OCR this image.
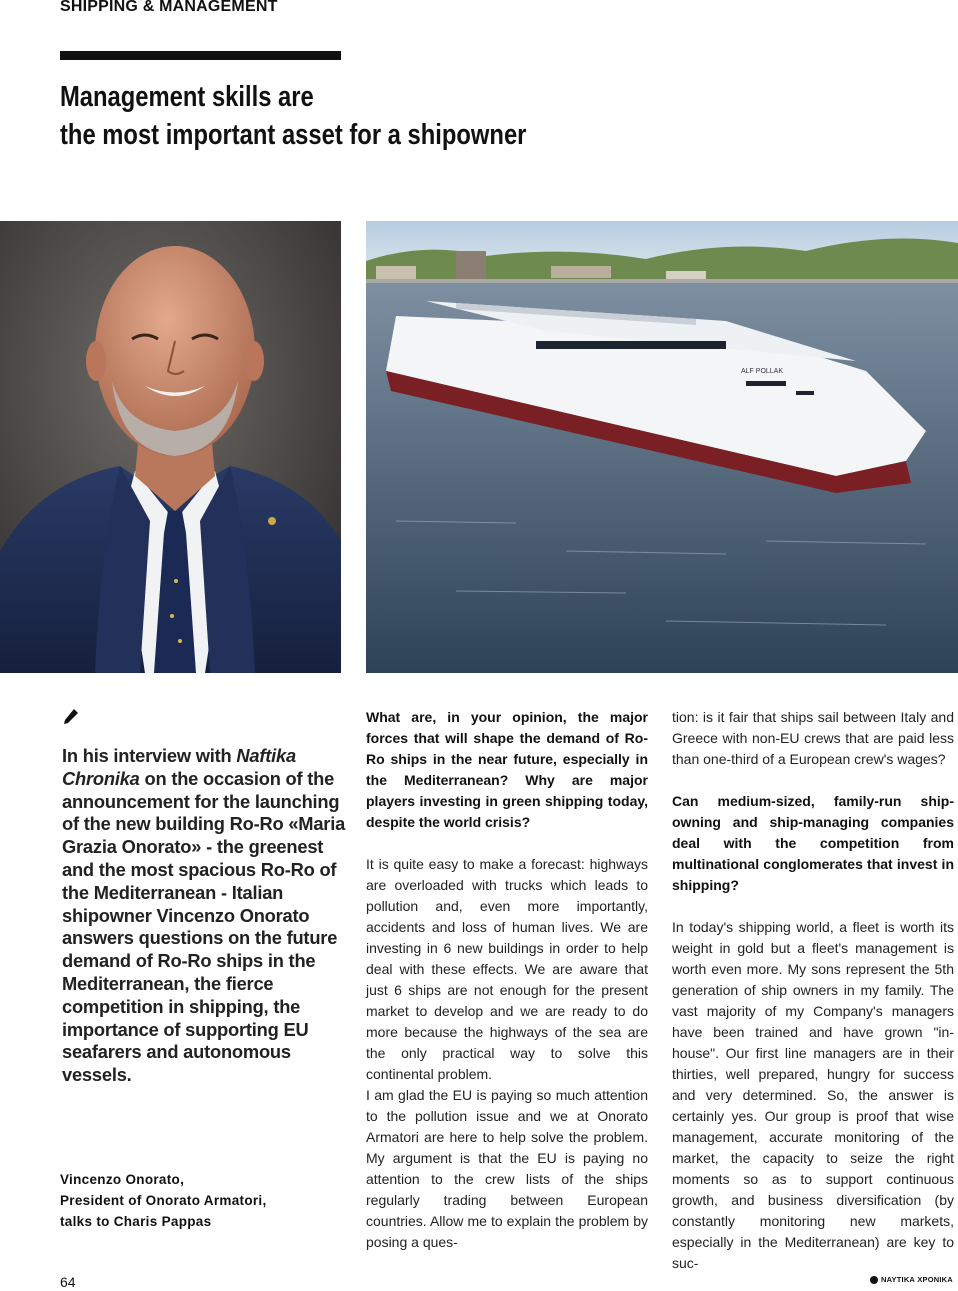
SHIPPING & MANAGEMENT
Management skills are
the most important asset for a shipowner
ALF POLLAK
In his interview with Naftika Chronika on the occasion of the announcement for the launching of the new building Ro-Ro «Maria Grazia Onorato» - the greenest and the most spacious Ro-Ro of the Mediterranean - Italian shipowner Vincenzo Onorato answers questions on the future demand of Ro-Ro ships in the Mediterranean, the fierce competition in shipping, the importance of supporting EU seafarers and autonomous vessels.
Vincenzo Onorato,
President of Onorato Armatori,
talks to Charis Pappas

What are, in your opinion, the major forces that will shape the demand of Ro- Ro ships in the near future, especially in the Mediterranean? Why are major players investing in green shipping today, despite the world crisis?

It is quite easy to make a forecast: highways are overloaded with trucks which leads to pollution and, even more importantly, accidents and loss of human lives. We are investing in 6 new buildings in order to help deal with these effects. We are aware that just 6 ships are not enough for the present market to develop and we are ready to do more because the highways of the sea are the only practical way to solve this continental problem.

I am glad the EU is paying so much attention to the pollution issue and we at Onorato Armatori are here to help solve the problem. My argument is that the EU is paying no attention to the crew lists of the ships regularly trading between European countries. Allow me to explain the problem by posing a ques-

tion: is it fair that ships sail between Italy and Greece with non-EU crews that are paid less than one-third of a European crew's wages?

Can medium-sized, family-run ship- owning and ship-managing companies deal with the competition from multinational conglomerates that invest in shipping?

In today's shipping world, a fleet is worth its weight in gold but a fleet's management is worth even more. My sons represent the 5th generation of ship owners in my family. The vast majority of my Company's managers have been trained and have grown "in-house". Our first line managers are in their thirties, well prepared, hungry for success and very determined. So, the answer is certainly yes. Our group is proof that wise management, accurate monitoring of the market, the capacity to seize the right moments so as to support continuous growth, and business diversification (by constantly monitoring new markets, especially in the Mediterranean) are key to suc-

64	ΝΑΥΤΙΚΑ ΧΡΟΝΙΚΑ
